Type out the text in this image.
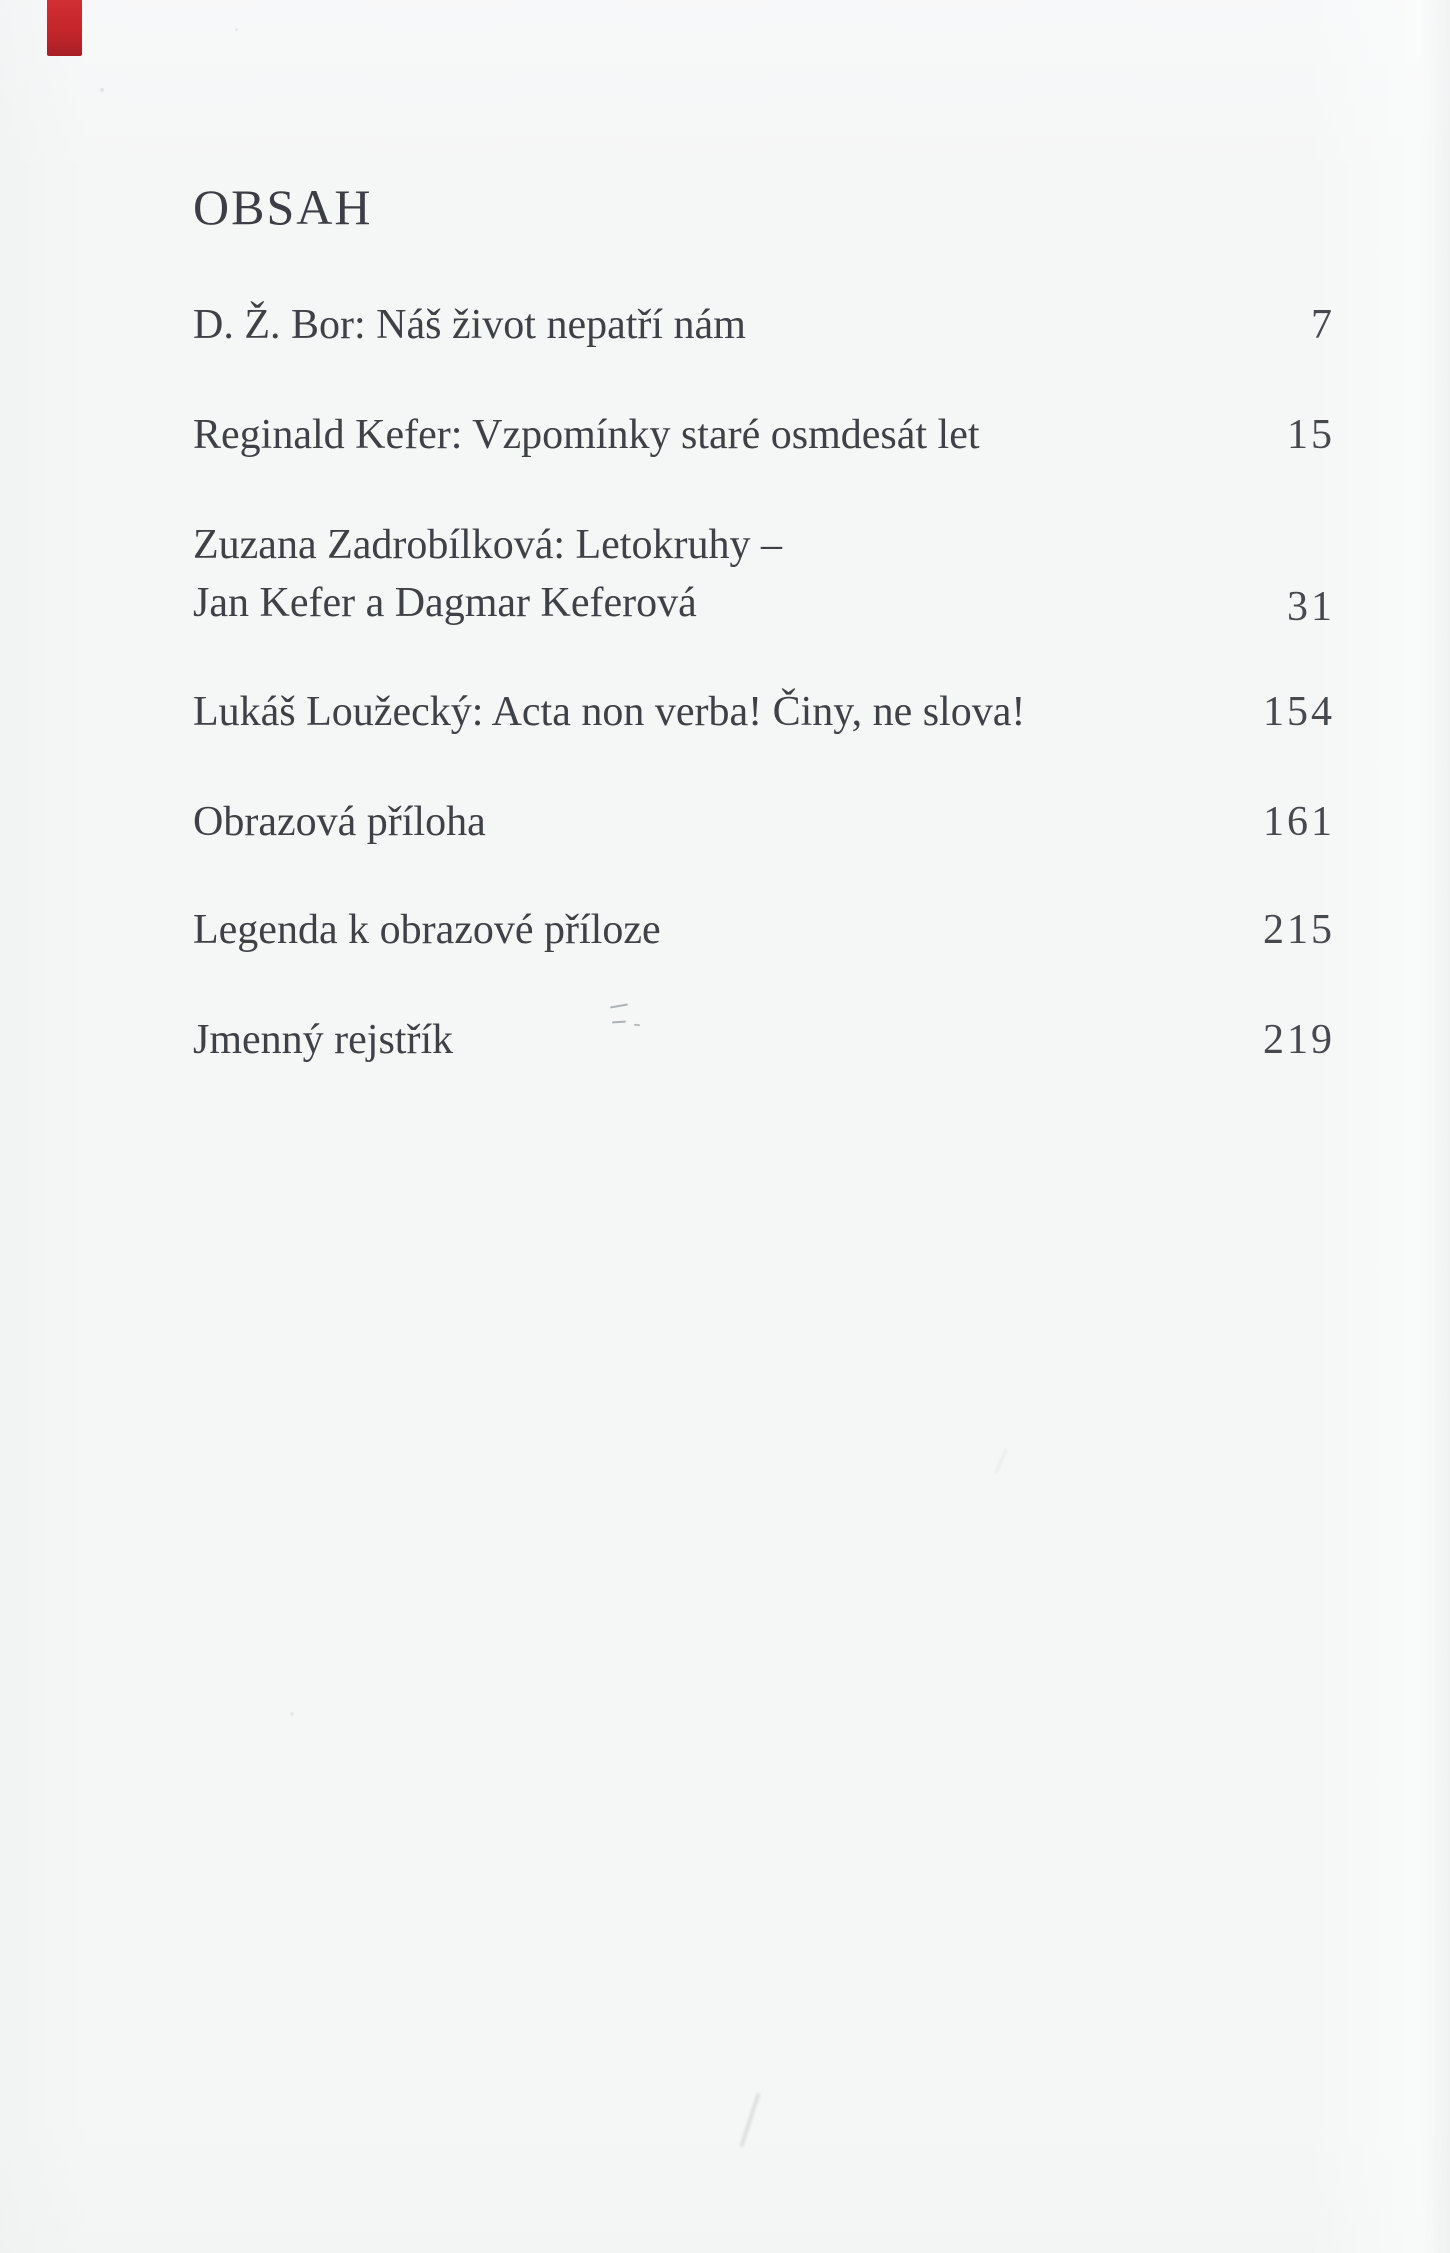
OBSAH
D. Ž. Bor: Náš život nepatří nám	7
Reginald Kefer: Vzpomínky staré osmdesát let	15
Zuzana Zadrobílková: Letokruhy –
Jan Kefer a Dagmar Keferová	31
Lukáš Loužecký: Acta non verba! Činy, ne slova!	154
Obrazová příloha	161
Legenda k obrazové příloze	215
Jmenný rejstřík	219
